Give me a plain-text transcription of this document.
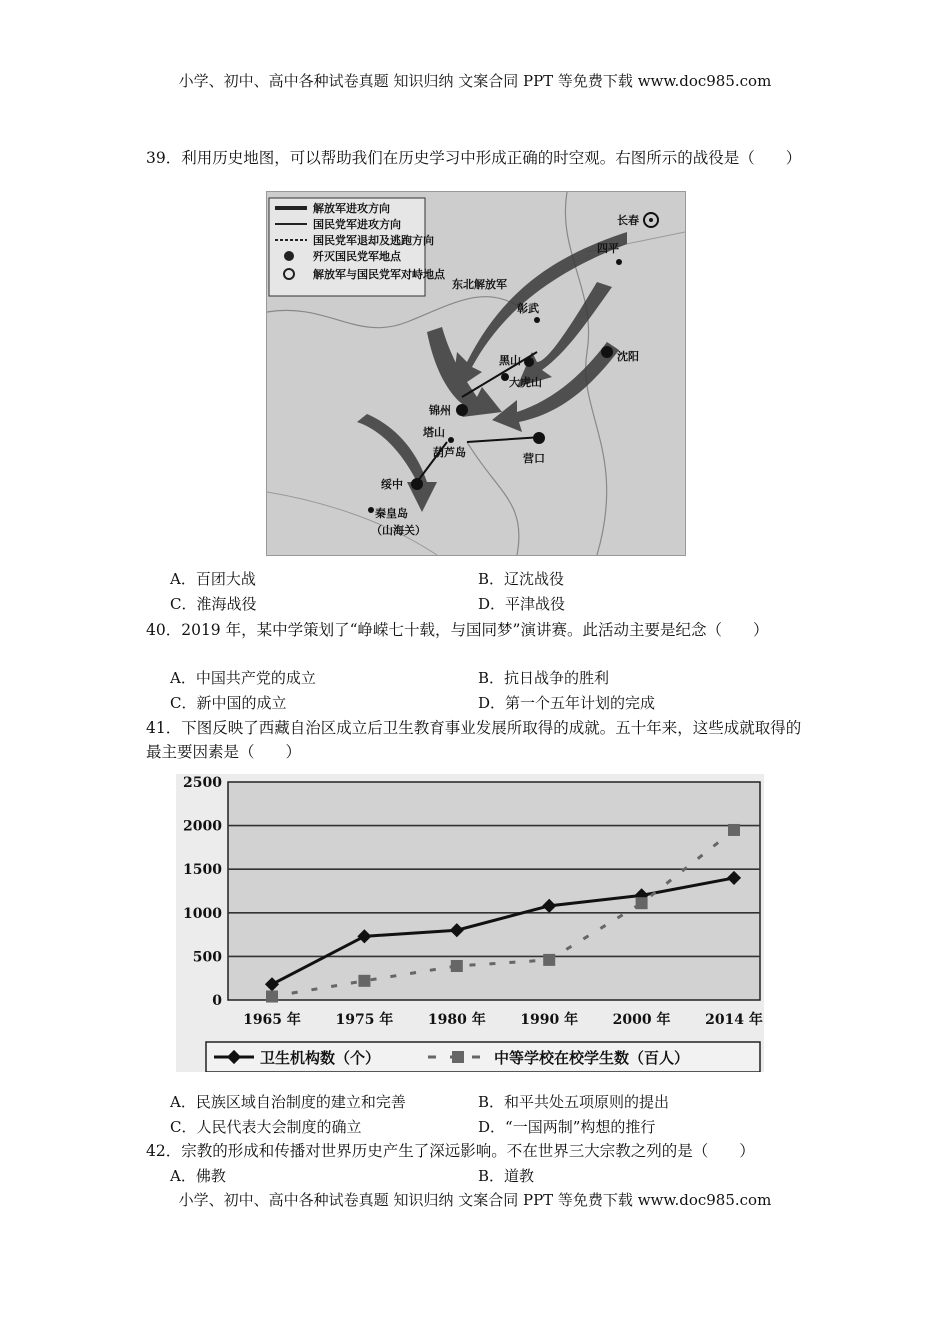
小学、初中、高中各种试卷真题 知识归纳 文案合同 PPT 等免费下载 www.doc985.com
39．利用历史地图，可以帮助我们在历史学习中形成正确的时空观。右图所示的战役是（　　）
解放军进攻方向
国民党军进攻方向
国民党军退却及逃跑方向
歼灭国民党军地点
解放军与国民党军对峙地点
长春
四平
东北解放军
彰武
沈阳
黑山
大虎山
锦州
塔山
葫芦岛	营口
绥中
秦皇岛
（山海关）
A．百团大战	B．辽沈战役
C．淮海战役	D．平津战役
40．2019 年，某中学策划了“峥嵘七十载，与国同梦”演讲赛。此活动主要是纪念（　　）
A．中国共产党的成立	B．抗日战争的胜利
C．新中国的成立	D．第一个五年计划的完成
41．下图反映了西藏自治区成立后卫生教育事业发展所取得的成就。五十年来，这些成就取得的最主要因素是（　　）
2500
2000
1500
1000
500
0
1965 年 1975 年 1980 年 1990 年 2000 年 2014 年
卫生机构数（个）	中等学校在校学生数（百人）
A．民族区域自治制度的建立和完善	B．和平共处五项原则的提出
C．人民代表大会制度的确立	D．“一国两制”构想的推行
42．宗教的形成和传播对世界历史产生了深远影响。不在世界三大宗教之列的是（　　）
A．佛教	B．道教
小学、初中、高中各种试卷真题 知识归纳 文案合同 PPT 等免费下载 www.doc985.com
